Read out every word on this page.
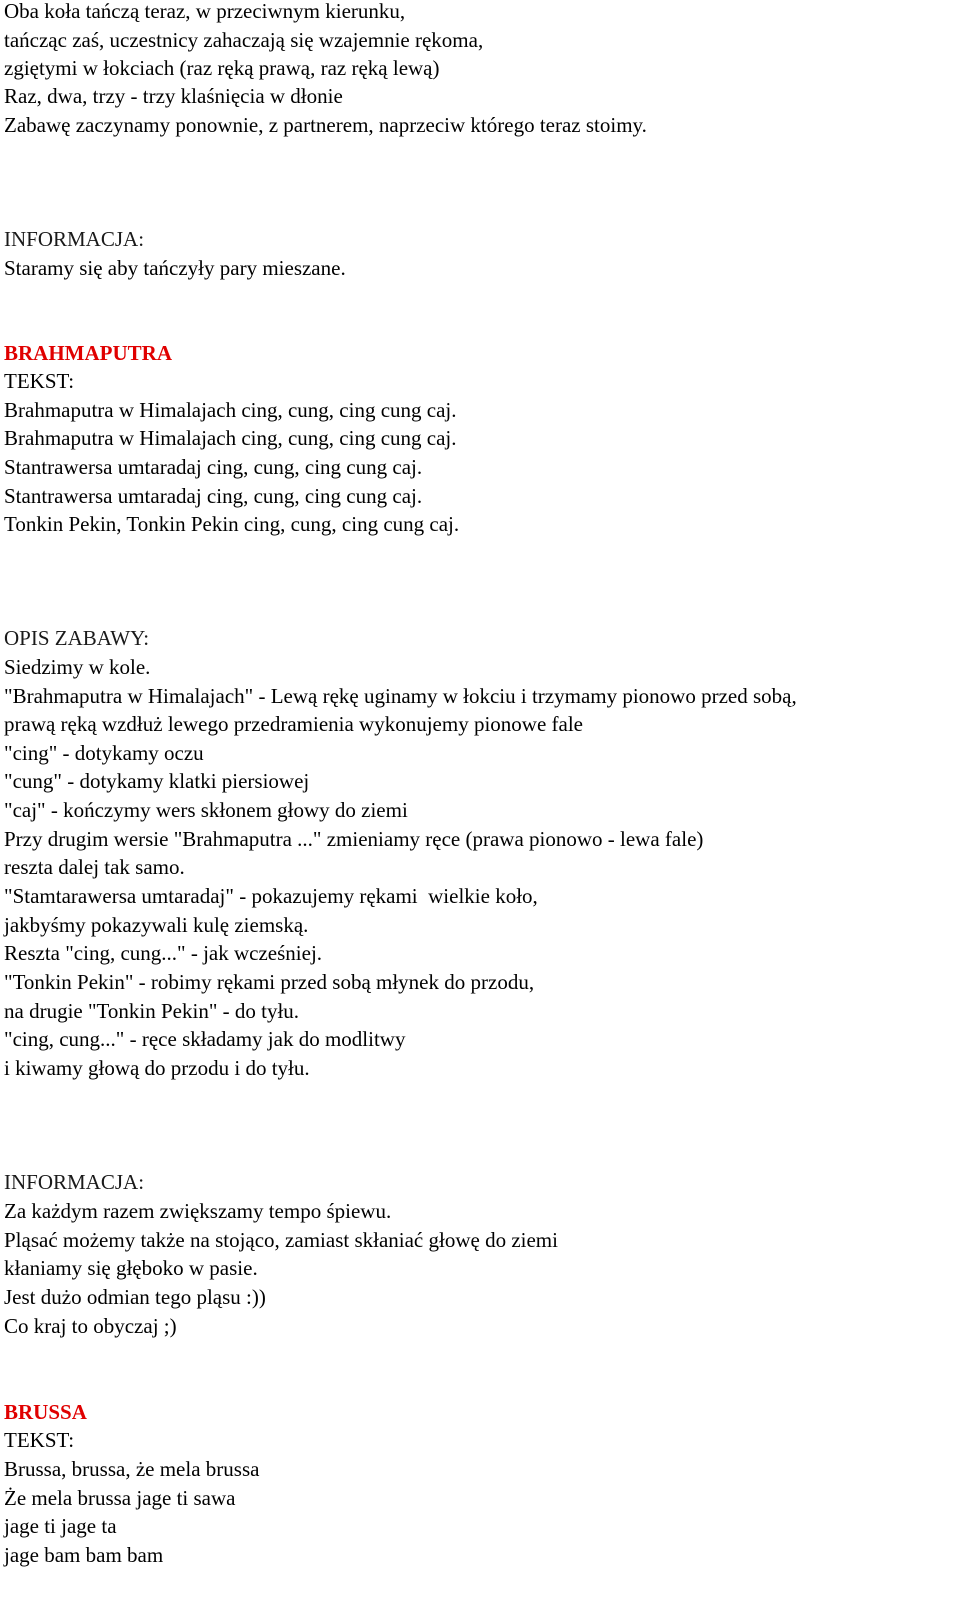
Oba koła tańczą teraz, w przeciwnym kierunku,
tańcząc zaś, uczestnicy zahaczają się wzajemnie rękoma,
zgiętymi w łokciach (raz ręką prawą, raz ręką lewą)
Raz, dwa, trzy - trzy klaśnięcia w dłonie
Zabawę zaczynamy ponownie, z partnerem, naprzeciw którego teraz stoimy.
INFORMACJA:
Staramy się aby tańczyły pary mieszane.
BRAHMAPUTRA
TEKST:
Brahmaputra w Himalajach cing, cung, cing cung caj.
Brahmaputra w Himalajach cing, cung, cing cung caj.
Stantrawersa umtaradaj cing, cung, cing cung caj.
Stantrawersa umtaradaj cing, cung, cing cung caj.
Tonkin Pekin, Tonkin Pekin cing, cung, cing cung caj.
OPIS ZABAWY:
Siedzimy w kole.
"Brahmaputra w Himalajach" - Lewą rękę uginamy w łokciu i trzymamy pionowo przed sobą,
prawą ręką wzdłuż lewego przedramienia wykonujemy pionowe fale
"cing" - dotykamy oczu
"cung" - dotykamy klatki piersiowej
"caj" - kończymy wers skłonem głowy do ziemi
Przy drugim wersie "Brahmaputra ..." zmieniamy ręce (prawa pionowo - lewa fale)
reszta dalej tak samo.
"Stamtarawersa umtaradaj" - pokazujemy rękami  wielkie koło,
jakbyśmy pokazywali kulę ziemską.
Reszta "cing, cung..." - jak wcześniej.
"Tonkin Pekin" - robimy rękami przed sobą młynek do przodu,
na drugie "Tonkin Pekin" - do tyłu.
"cing, cung..." - ręce składamy jak do modlitwy
i kiwamy głową do przodu i do tyłu.
INFORMACJA:
Za każdym razem zwiększamy tempo śpiewu.
Pląsać możemy także na stojąco, zamiast skłaniać głowę do ziemi
kłaniamy się głęboko w pasie.
Jest dużo odmian tego pląsu :))
Co kraj to obyczaj ;)
BRUSSA
TEKST:
Brussa, brussa, że mela brussa
Że mela brussa jage ti sawa
jage ti jage ta
jage bam bam bam
